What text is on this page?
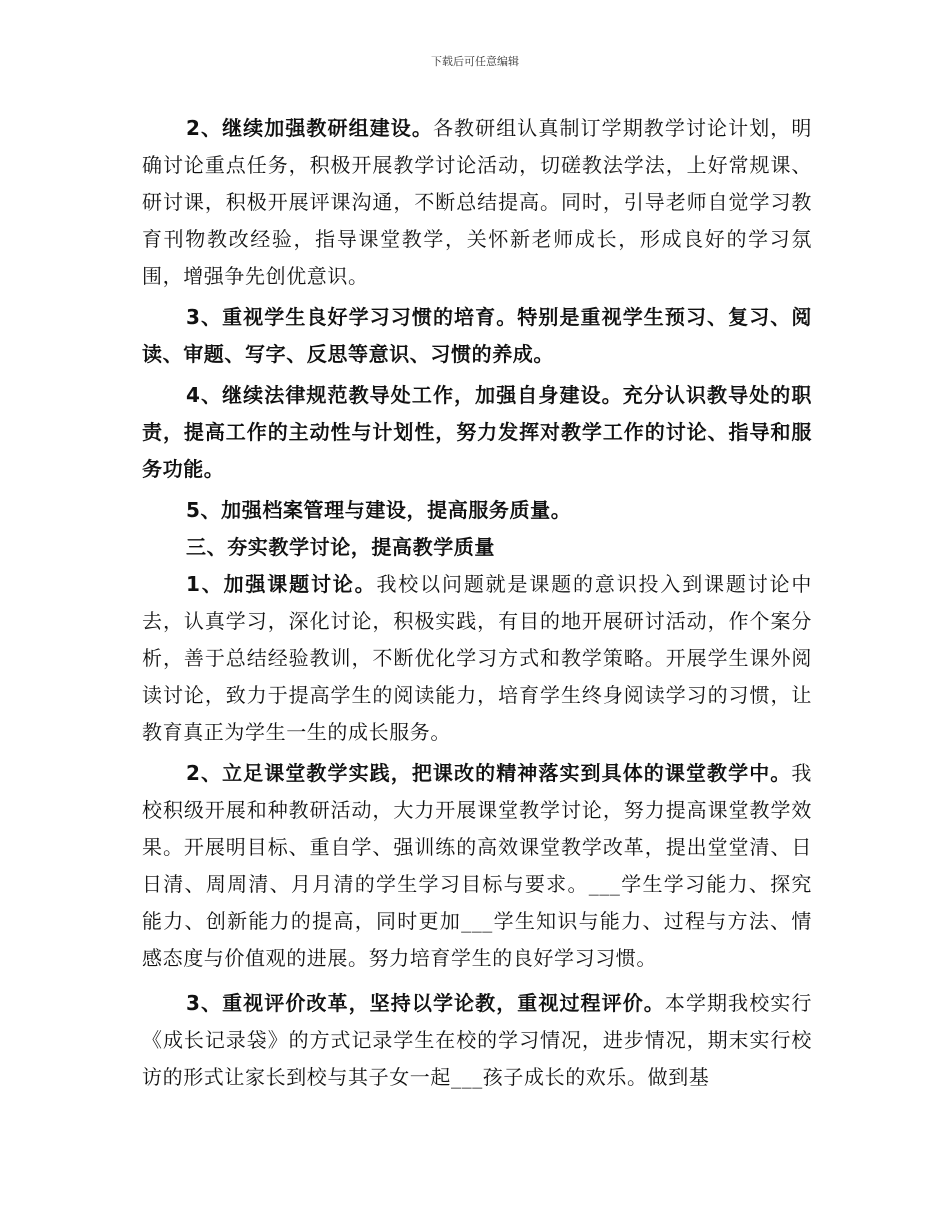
下载后可任意编辑

2、继续加强教研组建设。各教研组认真制订学期教学讨论计划，明确讨论重点任务，积极开展教学讨论活动，切磋教法学法，上好常规课、研讨课，积极开展评课沟通，不断总结提高。同时，引导老师自觉学习教育刊物教改经验，指导课堂教学，关怀新老师成长，形成良好的学习氛围，增强争先创优意识。

3、重视学生良好学习习惯的培育。特别是重视学生预习、复习、阅读、审题、写字、反思等意识、习惯的养成。

4、继续法律规范教导处工作，加强自身建设。充分认识教导处的职责，提高工作的主动性与计划性，努力发挥对教学工作的讨论、指导和服务功能。

5、加强档案管理与建设，提高服务质量。

三、夯实教学讨论，提高教学质量

1、加强课题讨论。我校以问题就是课题的意识投入到课题讨论中去，认真学习，深化讨论，积极实践，有目的地开展研讨活动，作个案分析，善于总结经验教训，不断优化学习方式和教学策略。开展学生课外阅读讨论，致力于提高学生的阅读能力，培育学生终身阅读学习的习惯，让教育真正为学生一生的成长服务。

2、立足课堂教学实践，把课改的精神落实到具体的课堂教学中。我校积级开展和种教研活动，大力开展课堂教学讨论，努力提高课堂教学效果。开展明目标、重自学、强训练的高效课堂教学改革，提出堂堂清、日日清、周周清、月月清的学生学习目标与要求。___学生学习能力、探究能力、创新能力的提高，同时更加___学生知识与能力、过程与方法、情感态度与价值观的进展。努力培育学生的良好学习习惯。

3、重视评价改革，坚持以学论教，重视过程评价。本学期我校实行《成长记录袋》的方式记录学生在校的学习情况，进步情况，期末实行校访的形式让家长到校与其子女一起___孩子成长的欢乐。做到基
